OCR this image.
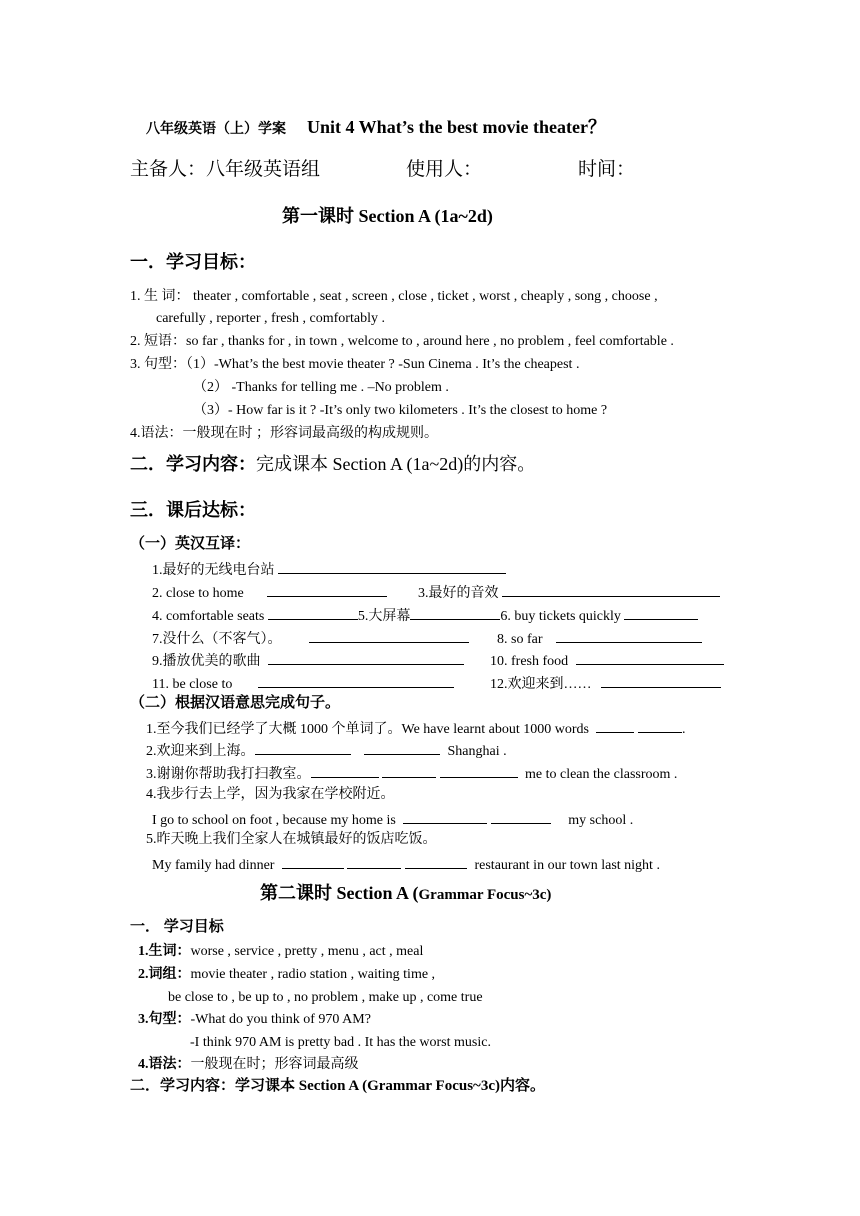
八年级英语（上）学案 Unit 4 What’s the best movie theater？
主备人：八年级英语组	使用人：	时间：
第一课时 Section A (1a~2d)
一．学习目标：
1. 生 词： theater , comfortable , seat , screen , close , ticket , worst , cheaply , song , choose ,
carefully , reporter , fresh , comfortably .
2. 短语：so far , thanks for , in town , welcome to , around here , no problem , feel comfortable .
3. 句型：（1）-What’s the best movie theater ? -Sun Cinema . It’s the cheapest .
（2） -Thanks for telling me . –No problem .
（3）- How far is it ? -It’s only two kilometers . It’s the closest to home ?
4.语法：一般现在时 ；形容词最高级的构成规则。
二．学习内容：完成课本 Section A (1a~2d)的内容。
三．课后达标：
（一）英汉互译：
1.最好的无线电台站
2. close to home	3.最好的音效
4. comfortable seats	5.大屏幕	6. buy tickets quickly
7.没什么（不客气）。	8. so far
9.播放优美的歌曲	10. fresh food
11. be close to	12.欢迎来到……
（二）根据汉语意思完成句子。
1.至今我们已经学了大概 1000 个单词了。We have learnt about 1000 words	.
2.欢迎来到上海。	Shanghai .
3.谢谢你帮助我打扫教室。	me to clean the classroom .
4.我步行去上学，因为我家在学校附近。
I go to school on foot , because my home is	my school .
5.昨天晚上我们全家人在城镇最好的饭店吃饭。
My family had dinner	restaurant in our town last night .
第二课时 Section A (Grammar Focus~3c)
一． 学习目标
1.生词：worse , service , pretty , menu , act , meal
2.词组：movie theater , radio station , waiting time ,
be close to , be up to , no problem , make up , come true
3.句型：-What do you think of 970 AM?
-I think 970 AM is pretty bad . It has the worst music.
4.语法：一般现在时；形容词最高级
二．学习内容：学习课本 Section A (Grammar Focus~3c)内容。
